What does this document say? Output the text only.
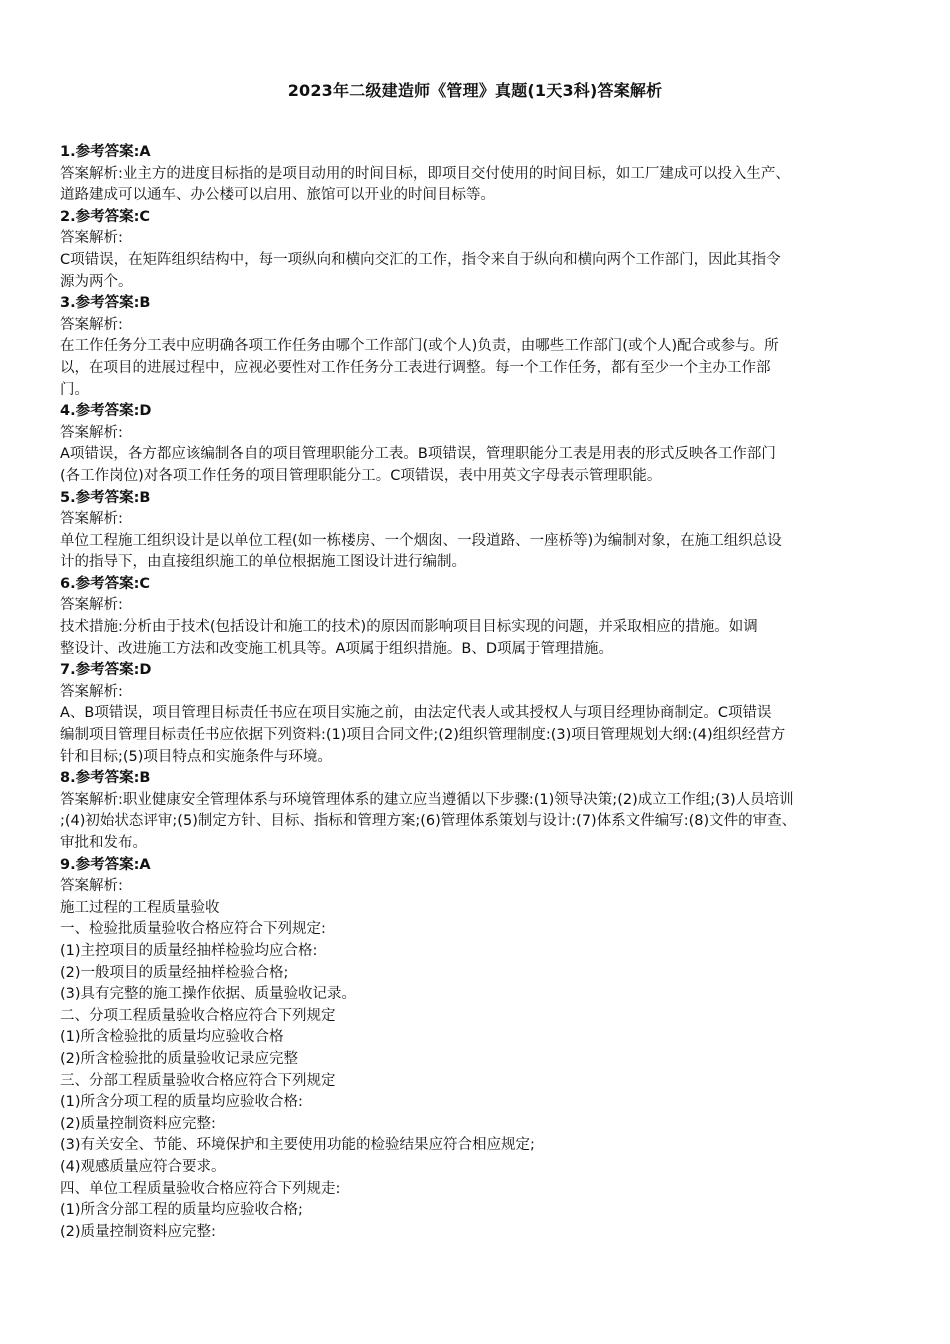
2023年二级建造师《管理》真题(1天3科)答案解析

1.参考答案:A

答案解析:业主方的进度目标指的是项目动用的时间目标，即项目交付使用的时间目标，如工厂建成可以投入生产、

道路建成可以通车、办公楼可以启用、旅馆可以开业的时间目标等。

2.参考答案:C

答案解析:

C项错误，在矩阵组织结构中，每一项纵向和横向交汇的工作，指令来自于纵向和横向两个工作部门，因此其指令

源为两个。

3.参考答案:B

答案解析:

在工作任务分工表中应明确各项工作任务由哪个工作部门(或个人)负责，由哪些工作部门(或个人)配合或参与。所

以，在项目的进展过程中，应视必要性对工作任务分工表进行调整。每一个工作任务，都有至少一个主办工作部

门。

4.参考答案:D

答案解析:

A项错误，各方都应该编制各自的项目管理职能分工表。B项错误，管理职能分工表是用表的形式反映各工作部门

(各工作岗位)对各项工作任务的项目管理职能分工。C项错误，表中用英文字母表示管理职能。

5.参考答案:B

答案解析:

单位工程施工组织设计是以单位工程(如一栋楼房、一个烟囱、一段道路、一座桥等)为编制对象，在施工组织总设

计的指导下，由直接组织施工的单位根据施工图设计进行编制。

6.参考答案:C

答案解析:

技术措施:分析由于技术(包括设计和施工的技术)的原因而影响项目目标实现的问题，并采取相应的措施。如调

整设计、改进施工方法和改变施工机具等。A项属于组织措施。B、D项属于管理措施。

7.参考答案:D

答案解析:

A、B项错误，项目管理目标责任书应在项目实施之前，由法定代表人或其授权人与项目经理协商制定。C项错误

编制项目管理目标责任书应依据下列资料:(1)项目合同文件;(2)组织管理制度:(3)项目管理规划大纲:(4)组织经营方

针和目标;(5)项目特点和实施条件与环境。

8.参考答案:B

答案解析:职业健康安全管理体系与环境管理体系的建立应当遵循以下步骤:(1)领导决策;(2)成立工作组;(3)人员培训

;(4)初始状态评审;(5)制定方针、目标、指标和管理方案;(6)管理体系策划与设计:(7)体系文件编写:(8)文件的审查、

审批和发布。

9.参考答案:A

答案解析:

施工过程的工程质量验收

一、检验批质量验收合格应符合下列规定:

(1)主控项目的质量经抽样检验均应合格:

(2)一般项目的质量经抽样检验合格;

(3)具有完整的施工操作依据、质量验收记录。

二、分项工程质量验收合格应符合下列规定

(1)所含检验批的质量均应验收合格

(2)所含检验批的质量验收记录应完整

三、分部工程质量验收合格应符合下列规定

(1)所含分项工程的质量均应验收合格:

(2)质量控制资料应完整:

(3)有关安全、节能、环境保护和主要使用功能的检验结果应符合相应规定;

(4)观感质量应符合要求。

四、单位工程质量验收合格应符合下列规走:

(1)所含分部工程的质量均应验收合格;

(2)质量控制资料应完整:
